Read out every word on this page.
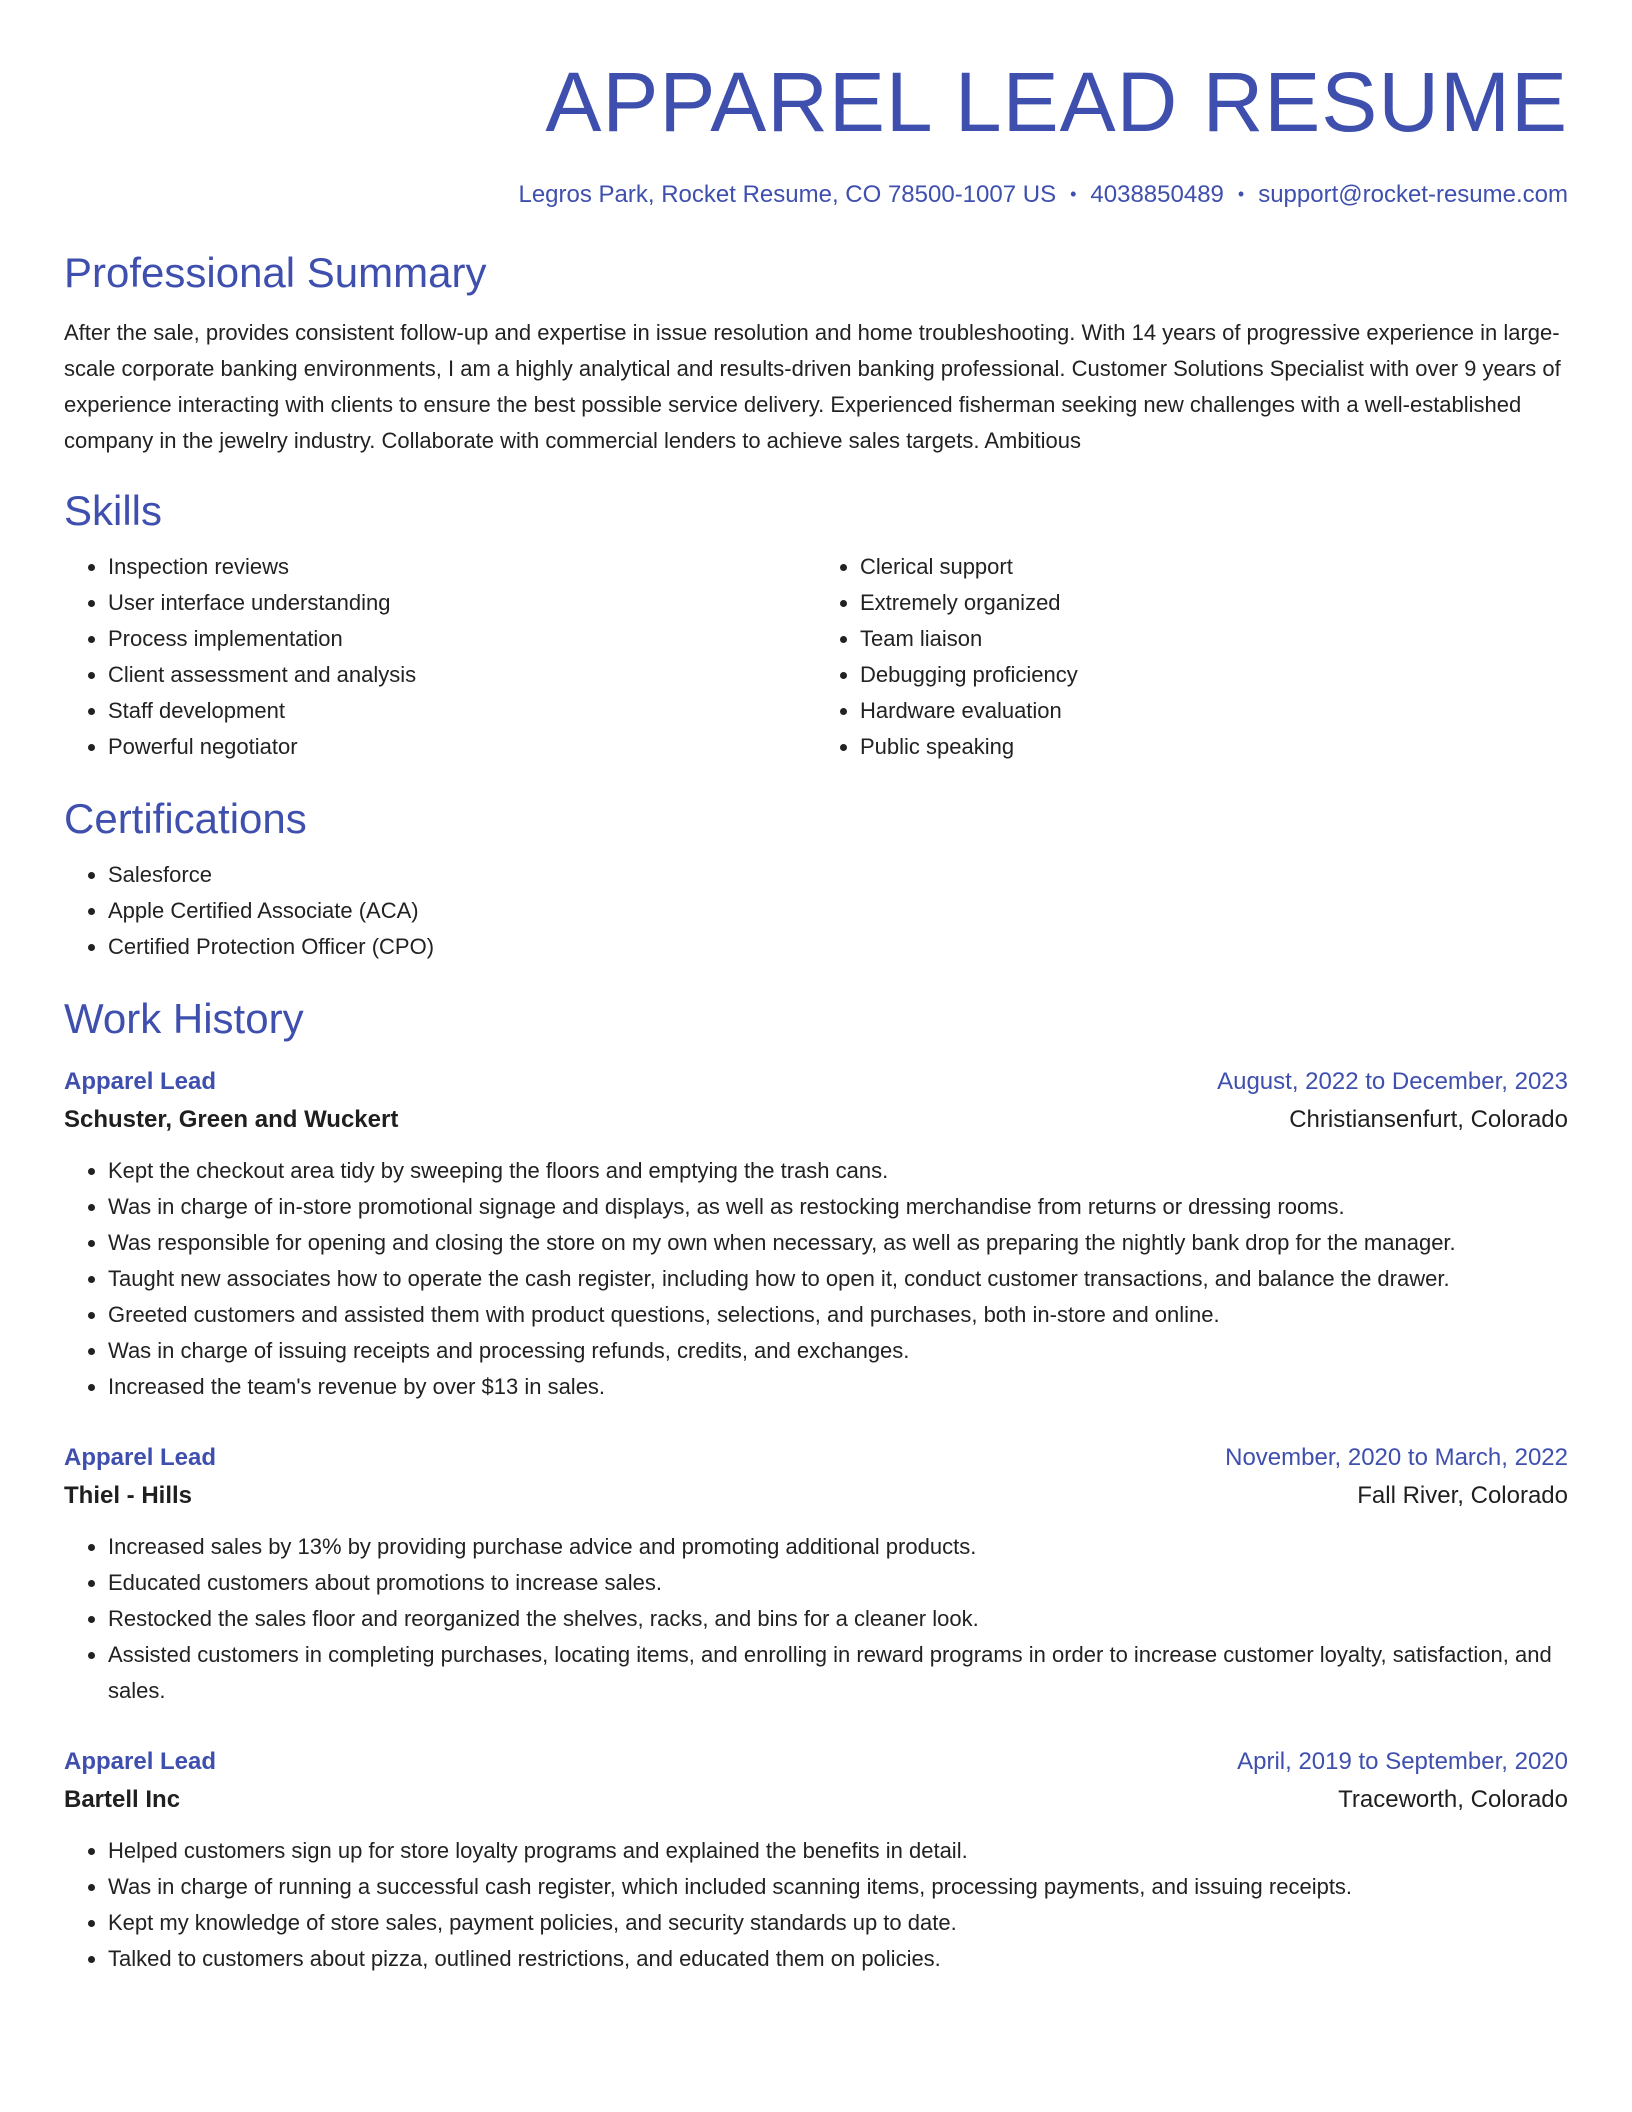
APPAREL LEAD RESUME
Legros Park, Rocket Resume, CO 78500-1007 US • 4038850489 • support@rocket-resume.com
Professional Summary

After the sale, provides consistent follow-up and expertise in issue resolution and home troubleshooting. With 14 years of progressive experience in large-scale corporate banking environments, I am a highly analytical and results-driven banking professional. Customer Solutions Specialist with over 9 years of experience interacting with clients to ensure the best possible service delivery. Experienced fisherman seeking new challenges with a well-established company in the jewelry industry. Collaborate with commercial lenders to achieve sales targets. Ambitious

Skills
• Inspection reviews
• User interface understanding
• Process implementation
• Client assessment and analysis
• Staff development
• Powerful negotiator
• Clerical support
• Extremely organized
• Team liaison
• Debugging proficiency
• Hardware evaluation
• Public speaking
Certifications
• Salesforce
• Apple Certified Associate (ACA)
• Certified Protection Officer (CPO)
Work History
Apparel Lead	August, 2022 to December, 2023
Schuster, Green and Wuckert	Christiansenfurt, Colorado
• Kept the checkout area tidy by sweeping the floors and emptying the trash cans.
• Was in charge of in-store promotional signage and displays, as well as restocking merchandise from returns or dressing rooms.
• Was responsible for opening and closing the store on my own when necessary, as well as preparing the nightly bank drop for the manager.
• Taught new associates how to operate the cash register, including how to open it, conduct customer transactions, and balance the drawer.
• Greeted customers and assisted them with product questions, selections, and purchases, both in-store and online.
• Was in charge of issuing receipts and processing refunds, credits, and exchanges.
• Increased the team's revenue by over $13 in sales.
Apparel Lead	November, 2020 to March, 2022
Thiel - Hills	Fall River, Colorado
• Increased sales by 13% by providing purchase advice and promoting additional products.
• Educated customers about promotions to increase sales.
• Restocked the sales floor and reorganized the shelves, racks, and bins for a cleaner look.
• Assisted customers in completing purchases, locating items, and enrolling in reward programs in order to increase customer loyalty, satisfaction, and sales.
Apparel Lead	April, 2019 to September, 2020
Bartell Inc	Traceworth, Colorado
• Helped customers sign up for store loyalty programs and explained the benefits in detail.
• Was in charge of running a successful cash register, which included scanning items, processing payments, and issuing receipts.
• Kept my knowledge of store sales, payment policies, and security standards up to date.
• Talked to customers about pizza, outlined restrictions, and educated them on policies.
